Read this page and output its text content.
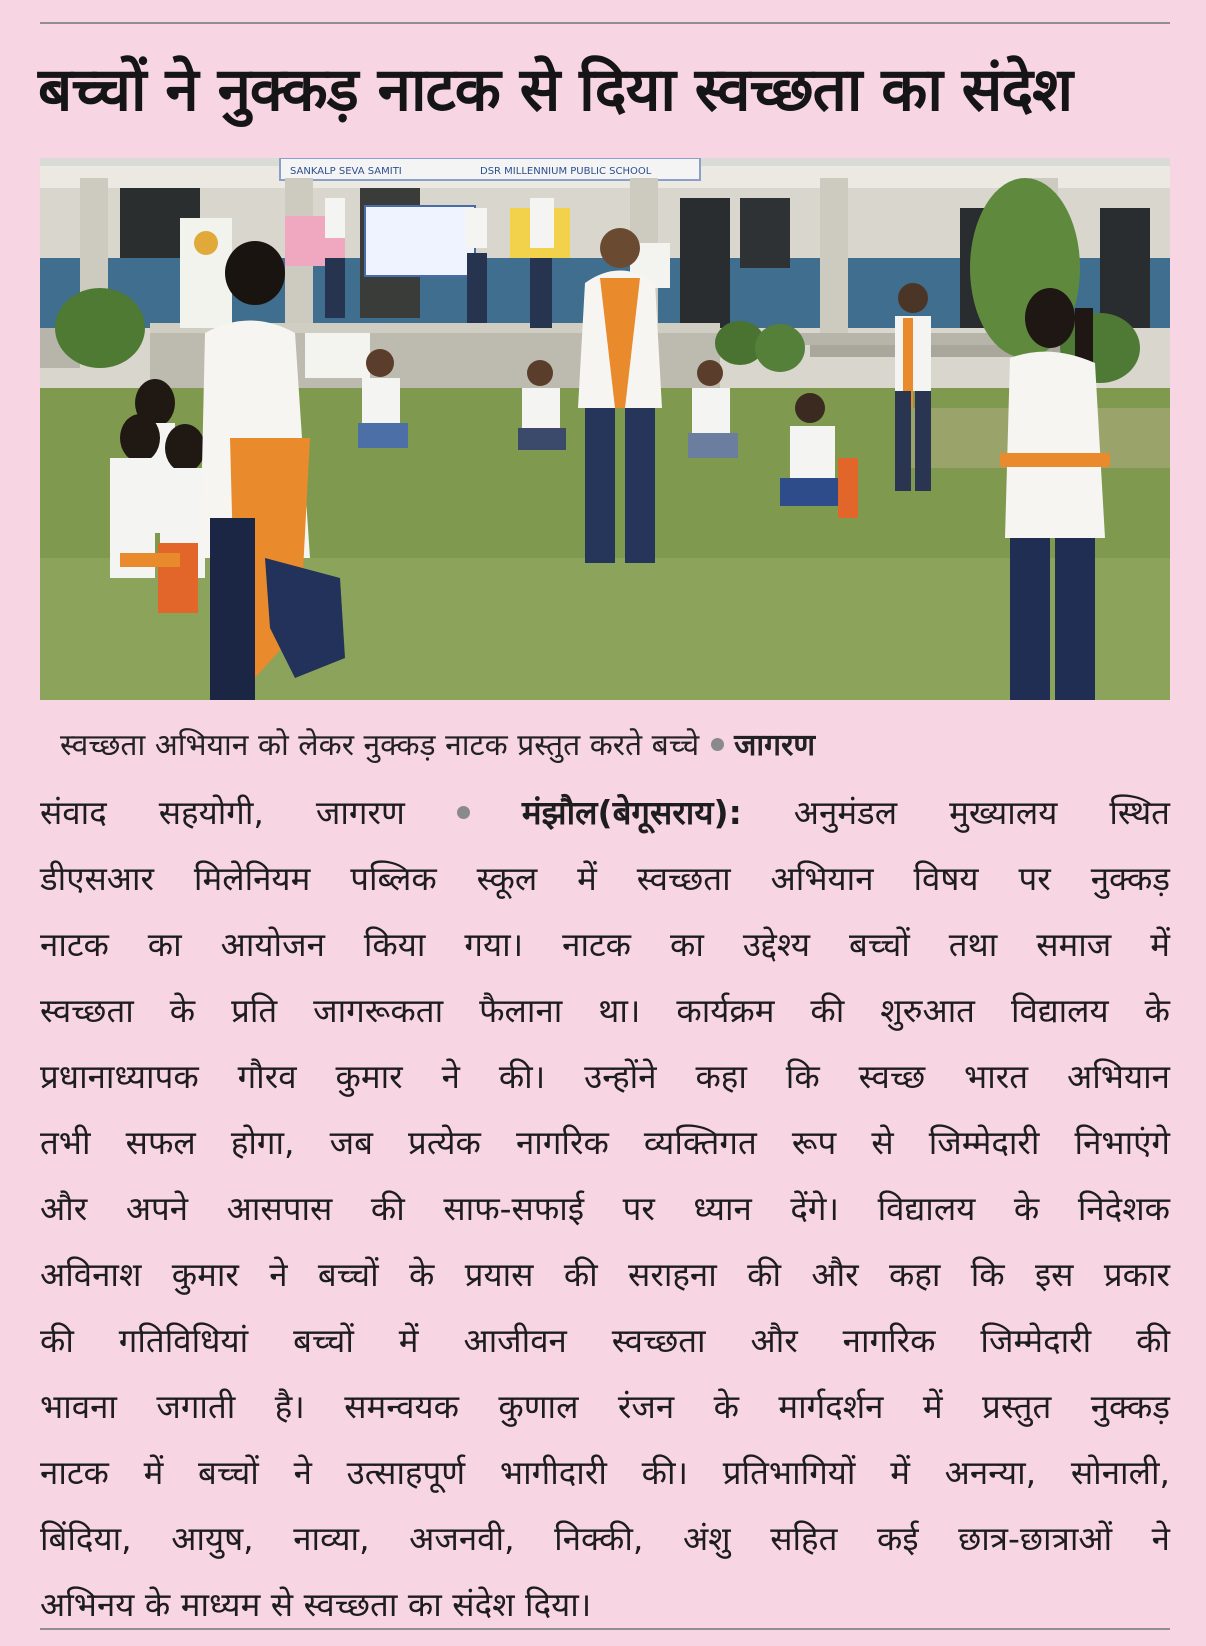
बच्चों ने नुक्कड़ नाटक से दिया स्वच्छता का संदेश
SANKALP SEVA SAMITI	DSR MILLENNIUM PUBLIC SCHOOL
स्वच्छता अभियान को लेकर नुक्कड़ नाटक प्रस्तुत करते बच्चे जागरण
संवाद सहयोगी, जागरण	मंझौल(बेगूसराय): अनुमंडल मुख्यालय स्थित
डीएसआर मिलेनियम पब्लिक स्कूल में स्वच्छता अभियान विषय पर नुक्कड़
नाटक का आयोजन किया गया। नाटक का उद्देश्य बच्चों तथा समाज में
स्वच्छता के प्रति जागरूकता फैलाना था। कार्यक्रम की शुरुआत विद्यालय के
प्रधानाध्यापक गौरव कुमार ने की। उन्होंने कहा कि स्वच्छ भारत अभियान
तभी सफल होगा, जब प्रत्येक नागरिक व्यक्तिगत रूप से जिम्मेदारी निभाएंगे
और अपने आसपास की साफ-सफाई पर ध्यान देंगे। विद्यालय के निदेशक
अविनाश कुमार ने बच्चों के प्रयास की सराहना की और कहा कि इस प्रकार
की गतिविधियां बच्चों में आजीवन स्वच्छता और नागरिक जिम्मेदारी की
भावना जगाती है। समन्वयक कुणाल रंजन के मार्गदर्शन में प्रस्तुत नुक्कड़
नाटक में बच्चों ने उत्साहपूर्ण भागीदारी की। प्रतिभागियों में अनन्या, सोनाली,
बिंदिया, आयुष, नाव्या, अजनवी, निक्की, अंशु सहित कई छात्र-छात्राओं ने
अभिनय के माध्यम से स्वच्छता का संदेश दिया।
